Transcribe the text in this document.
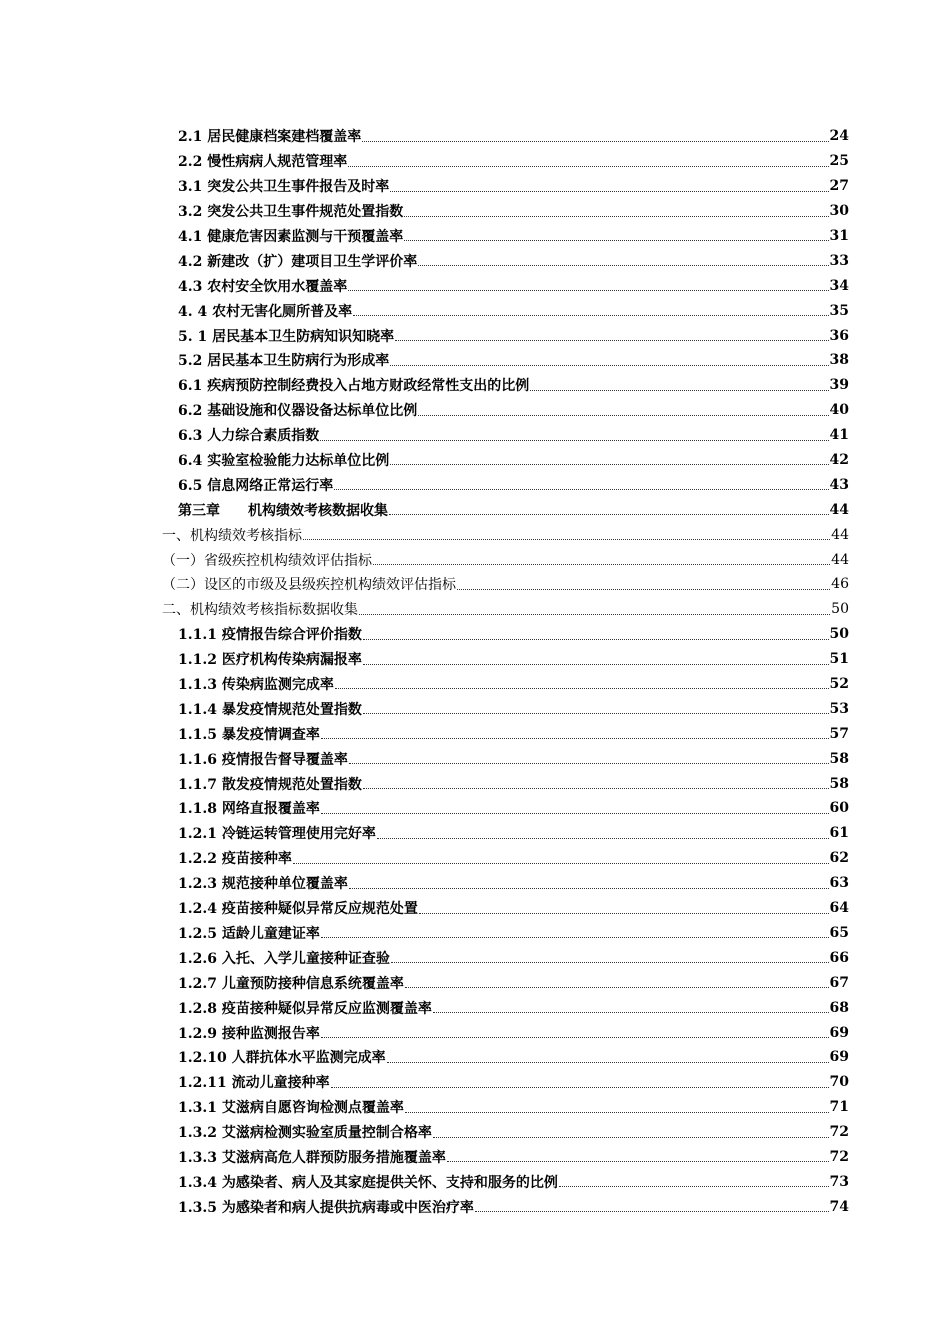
2.1 居民健康档案建档覆盖率	24
2.2 慢性病病人规范管理率	25
3.1 突发公共卫生事件报告及时率	27
3.2 突发公共卫生事件规范处置指数	30
4.1 健康危害因素监测与干预覆盖率	31
4.2 新建改（扩）建项目卫生学评价率	33
4.3 农村安全饮用水覆盖率	34
4. 4 农村无害化厕所普及率	35
5. 1 居民基本卫生防病知识知晓率	36
5.2 居民基本卫生防病行为形成率	38
6.1 疾病预防控制经费投入占地方财政经常性支出的比例	39
6.2 基础设施和仪器设备达标单位比例	40
6.3 人力综合素质指数	41
6.4 实验室检验能力达标单位比例	42
6.5 信息网络正常运行率	43
第三章　　机构绩效考核数据收集	44
一、机构绩效考核指标	44
（一）省级疾控机构绩效评估指标	44
（二）设区的市级及县级疾控机构绩效评估指标	46
二、机构绩效考核指标数据收集	50
1.1.1 疫情报告综合评价指数	50
1.1.2 医疗机构传染病漏报率	51
1.1.3 传染病监测完成率	52
1.1.4 暴发疫情规范处置指数	53
1.1.5 暴发疫情调查率	57
1.1.6 疫情报告督导覆盖率	58
1.1.7 散发疫情规范处置指数	58
1.1.8 网络直报覆盖率	60
1.2.1 冷链运转管理使用完好率	61
1.2.2 疫苗接种率	62
1.2.3 规范接种单位覆盖率	63
1.2.4 疫苗接种疑似异常反应规范处置	64
1.2.5 适龄儿童建证率	65
1.2.6 入托、入学儿童接种证查验	66
1.2.7 儿童预防接种信息系统覆盖率	67
1.2.8 疫苗接种疑似异常反应监测覆盖率	68
1.2.9 接种监测报告率	69
1.2.10 人群抗体水平监测完成率	69
1.2.11 流动儿童接种率	70
1.3.1 艾滋病自愿咨询检测点覆盖率	71
1.3.2 艾滋病检测实验室质量控制合格率	72
1.3.3 艾滋病高危人群预防服务措施覆盖率	72
1.3.4 为感染者、病人及其家庭提供关怀、支持和服务的比例	73
1.3.5 为感染者和病人提供抗病毒或中医治疗率	74
